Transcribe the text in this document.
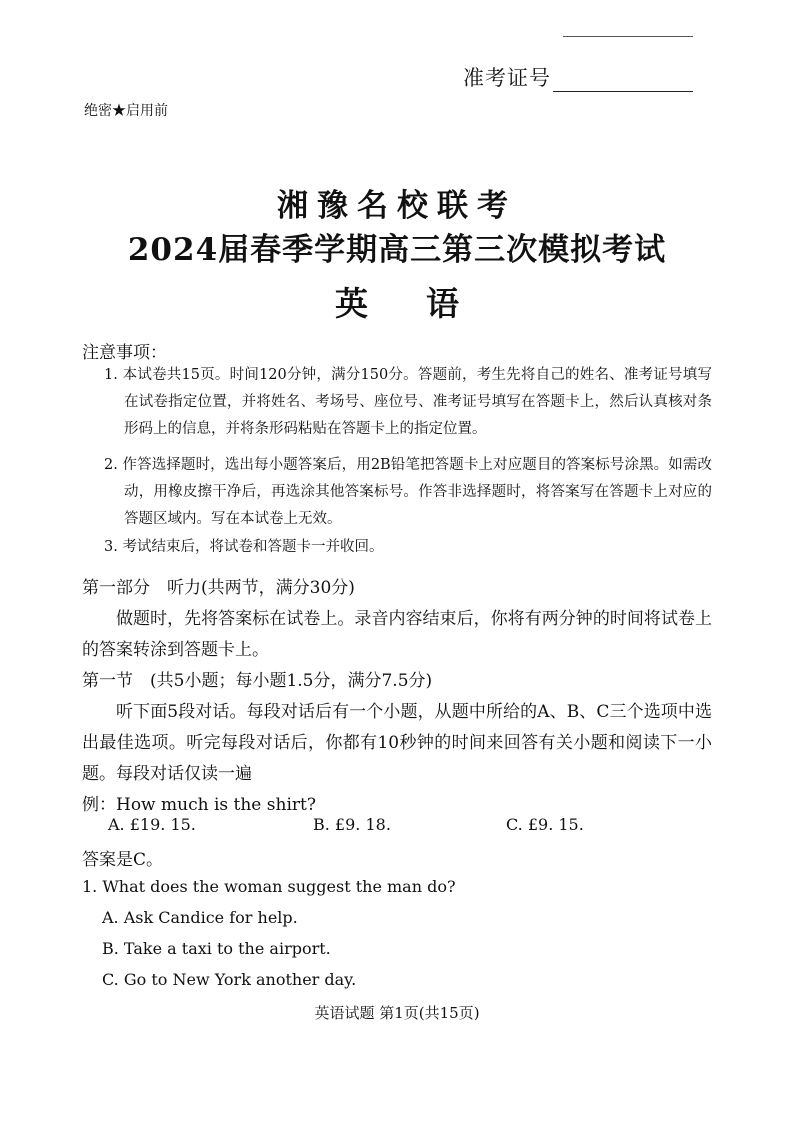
准考证号
绝密★启用前
湘豫名校联考
2024届春季学期高三第三次模拟考试
英语
注意事项：
1. 本试卷共15页。时间120分钟，满分150分。答题前，考生先将自己的姓名、准考证号填写在试卷指定位置，并将姓名、考场号、座位号、准考证号填写在答题卡上，然后认真核对条形码上的信息，并将条形码粘贴在答题卡上的指定位置。
2. 作答选择题时，选出每小题答案后，用2B铅笔把答题卡上对应题目的答案标号涂黑。如需改动，用橡皮擦干净后，再选涂其他答案标号。作答非选择题时，将答案写在答题卡上对应的答题区域内。写在本试卷上无效。
3. 考试结束后，将试卷和答题卡一并收回。
第一部分　听力(共两节，满分30分)
做题时，先将答案标在试卷上。录音内容结束后，你将有两分钟的时间将试卷上的答案转涂到答题卡上。
第一节　(共5小题；每小题1.5分，满分7.5分)
听下面5段对话。每段对话后有一个小题，从题中所给的A、B、C三个选项中选出最佳选项。听完每段对话后，你都有10秒钟的时间来回答有关小题和阅读下一小题。每段对话仅读一遍
例：How much is the shirt?
A. £19. 15.	B. £9. 18.	C. £9. 15.
答案是C。
1. What does the woman suggest the man do?
A. Ask Candice for help.
B. Take a taxi to the airport.
C. Go to New York another day.
英语试题 第1页(共15页)
